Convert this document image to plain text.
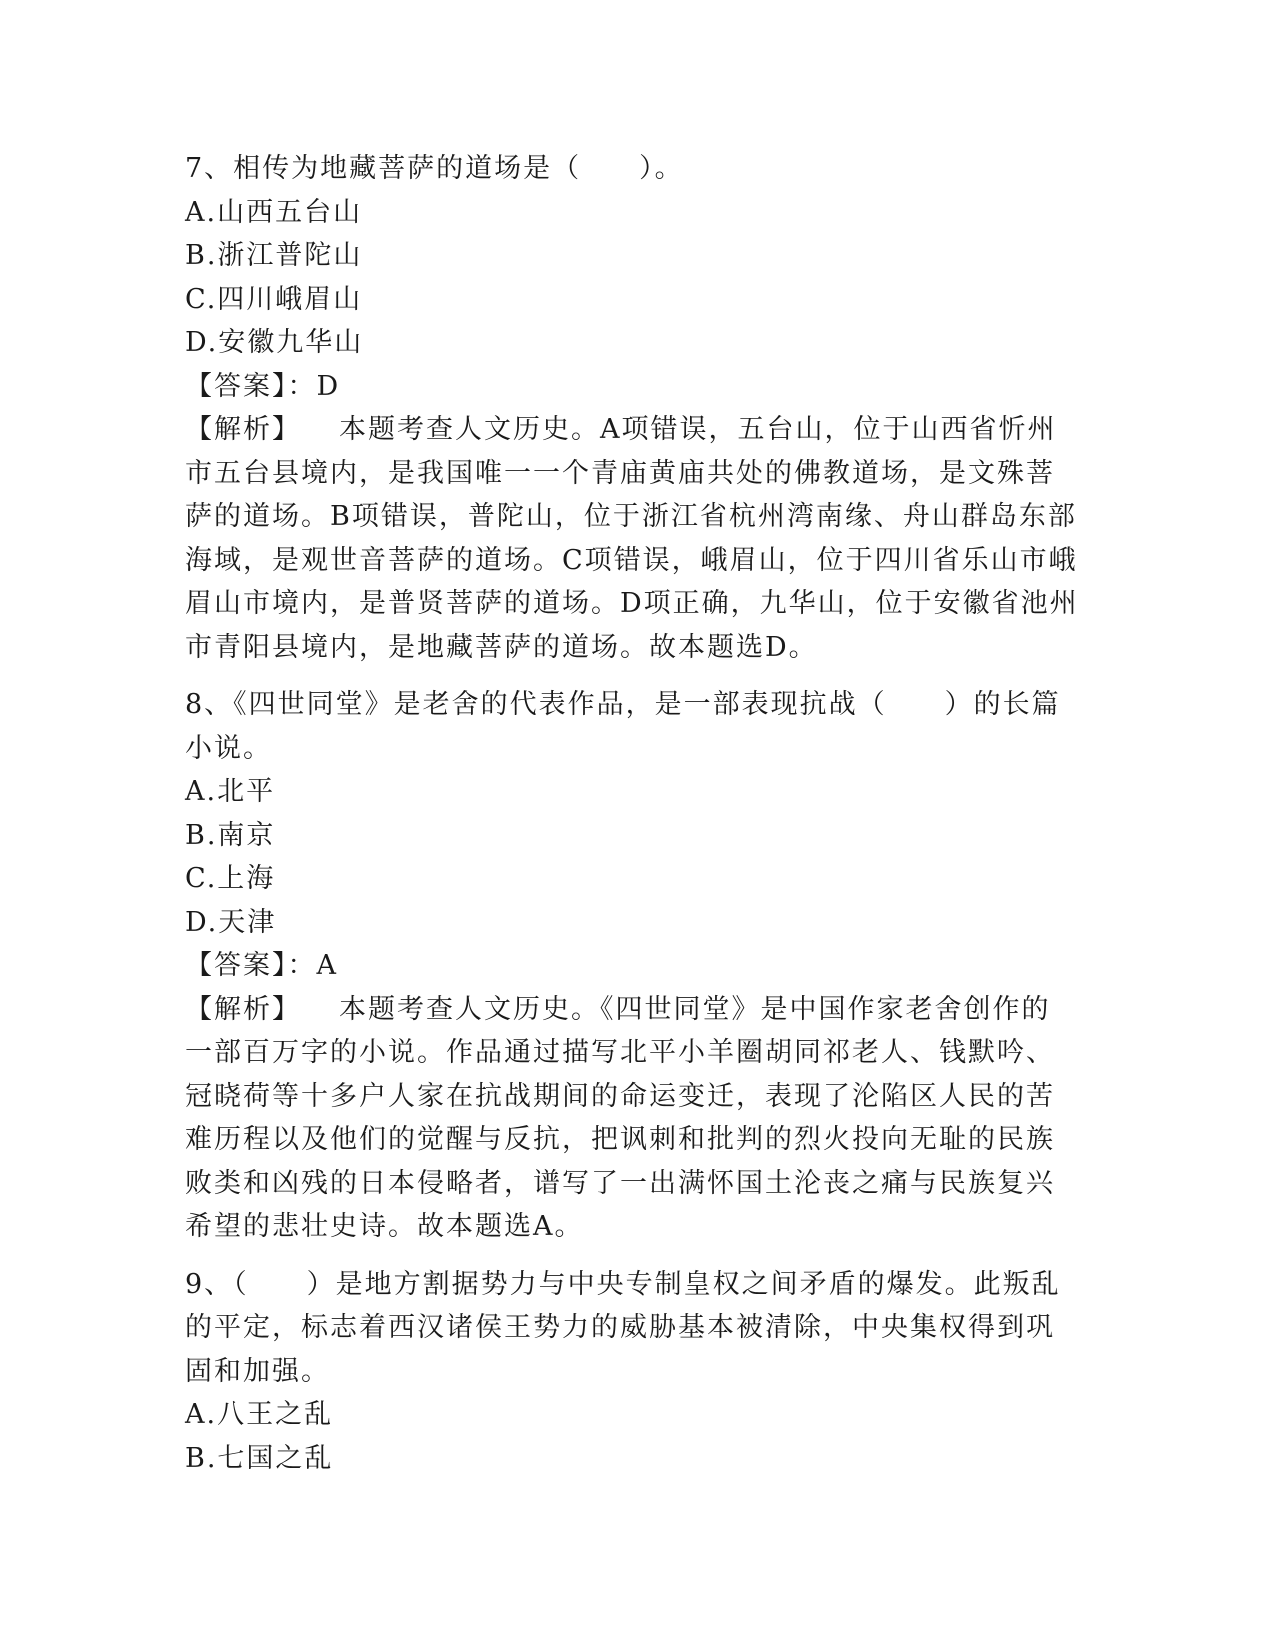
7、相传为地藏菩萨的道场是（　　）。
A.山西五台山
B.浙江普陀山
C.四川峨眉山
D.安徽九华山
【答案】：D
【解析】 本题考查人文历史。A项错误，五台山，位于山西省忻州
市五台县境内，是我国唯一一个青庙黄庙共处的佛教道场，是文殊菩
萨的道场。B项错误，普陀山，位于浙江省杭州湾南缘、舟山群岛东部
海域，是观世音菩萨的道场。C项错误，峨眉山，位于四川省乐山市峨
眉山市境内，是普贤菩萨的道场。D项正确，九华山，位于安徽省池州
市青阳县境内，是地藏菩萨的道场。故本题选D。
8、《四世同堂》是老舍的代表作品，是一部表现抗战（　　）的长篇
小说。
A.北平
B.南京
C.上海
D.天津
【答案】：A
【解析】 本题考查人文历史。《四世同堂》是中国作家老舍创作的
一部百万字的小说。作品通过描写北平小羊圈胡同祁老人、钱默吟、
冠晓荷等十多户人家在抗战期间的命运变迁，表现了沦陷区人民的苦
难历程以及他们的觉醒与反抗，把讽刺和批判的烈火投向无耻的民族
败类和凶残的日本侵略者，谱写了一出满怀国土沦丧之痛与民族复兴
希望的悲壮史诗。故本题选A。
9、（　　）是地方割据势力与中央专制皇权之间矛盾的爆发。此叛乱
的平定，标志着西汉诸侯王势力的威胁基本被清除，中央集权得到巩
固和加强。
A.八王之乱
B.七国之乱
